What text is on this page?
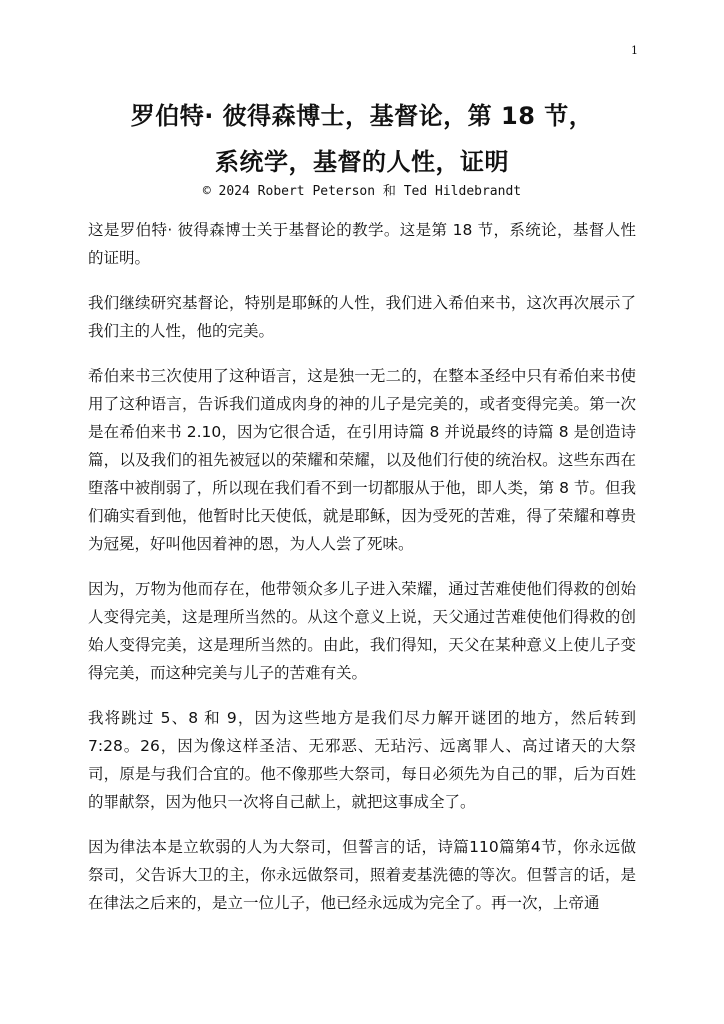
1
罗伯特· 彼得森博士，基督论，第 18 节，
系统学，基督的人性，证明
© 2024 Robert Peterson 和 Ted Hildebrandt

这是罗伯特· 彼得森博士关于基督论的教学。这是第 18 节，系统论，基督人性的证明。

我们继续研究基督论，特别是耶稣的人性，我们进入希伯来书，这次再次展示了我们主的人性，他的完美。

希伯来书三次使用了这种语言，这是独一无二的，在整本圣经中只有希伯来书使用了这种语言，告诉我们道成肉身的神的儿子是完美的，或者变得完美。第一次是在希伯来书 2.10，因为它很合适，在引用诗篇 8 并说最终的诗篇 8 是创造诗篇，以及我们的祖先被冠以的荣耀和荣耀，以及他们行使的统治权。这些东西在堕落中被削弱了，所以现在我们看不到一切都服从于他，即人类，第 8 节。但我们确实看到他，他暂时比天使低，就是耶稣，因为受死的苦难，得了荣耀和尊贵为冠冕，好叫他因着神的恩，为人人尝了死味。

因为，万物为他而存在，他带领众多儿子进入荣耀，通过苦难使他们得救的创始人变得完美，这是理所当然的。从这个意义上说，天父通过苦难使他们得救的创始人变得完美，这是理所当然的。由此，我们得知，天父在某种意义上使儿子变得完美，而这种完美与儿子的苦难有关。

我将跳过 5、8 和 9，因为这些地方是我们尽力解开谜团的地方，然后转到 7:28。26，因为像这样圣洁、无邪恶、无玷污、远离罪人、高过诸天的大祭司，原是与我们合宜的。他不像那些大祭司，每日必须先为自己的罪，后为百姓的罪献祭，因为他只一次将自己献上，就把这事成全了。

因为律法本是立软弱的人为大祭司，但誓言的话，诗篇110篇第4节，你永远做祭司，父告诉大卫的主，你永远做祭司，照着麦基洗德的等次。但誓言的话，是在律法之后来的，是立一位儿子，他已经永远成为完全了。再一次，上帝通
